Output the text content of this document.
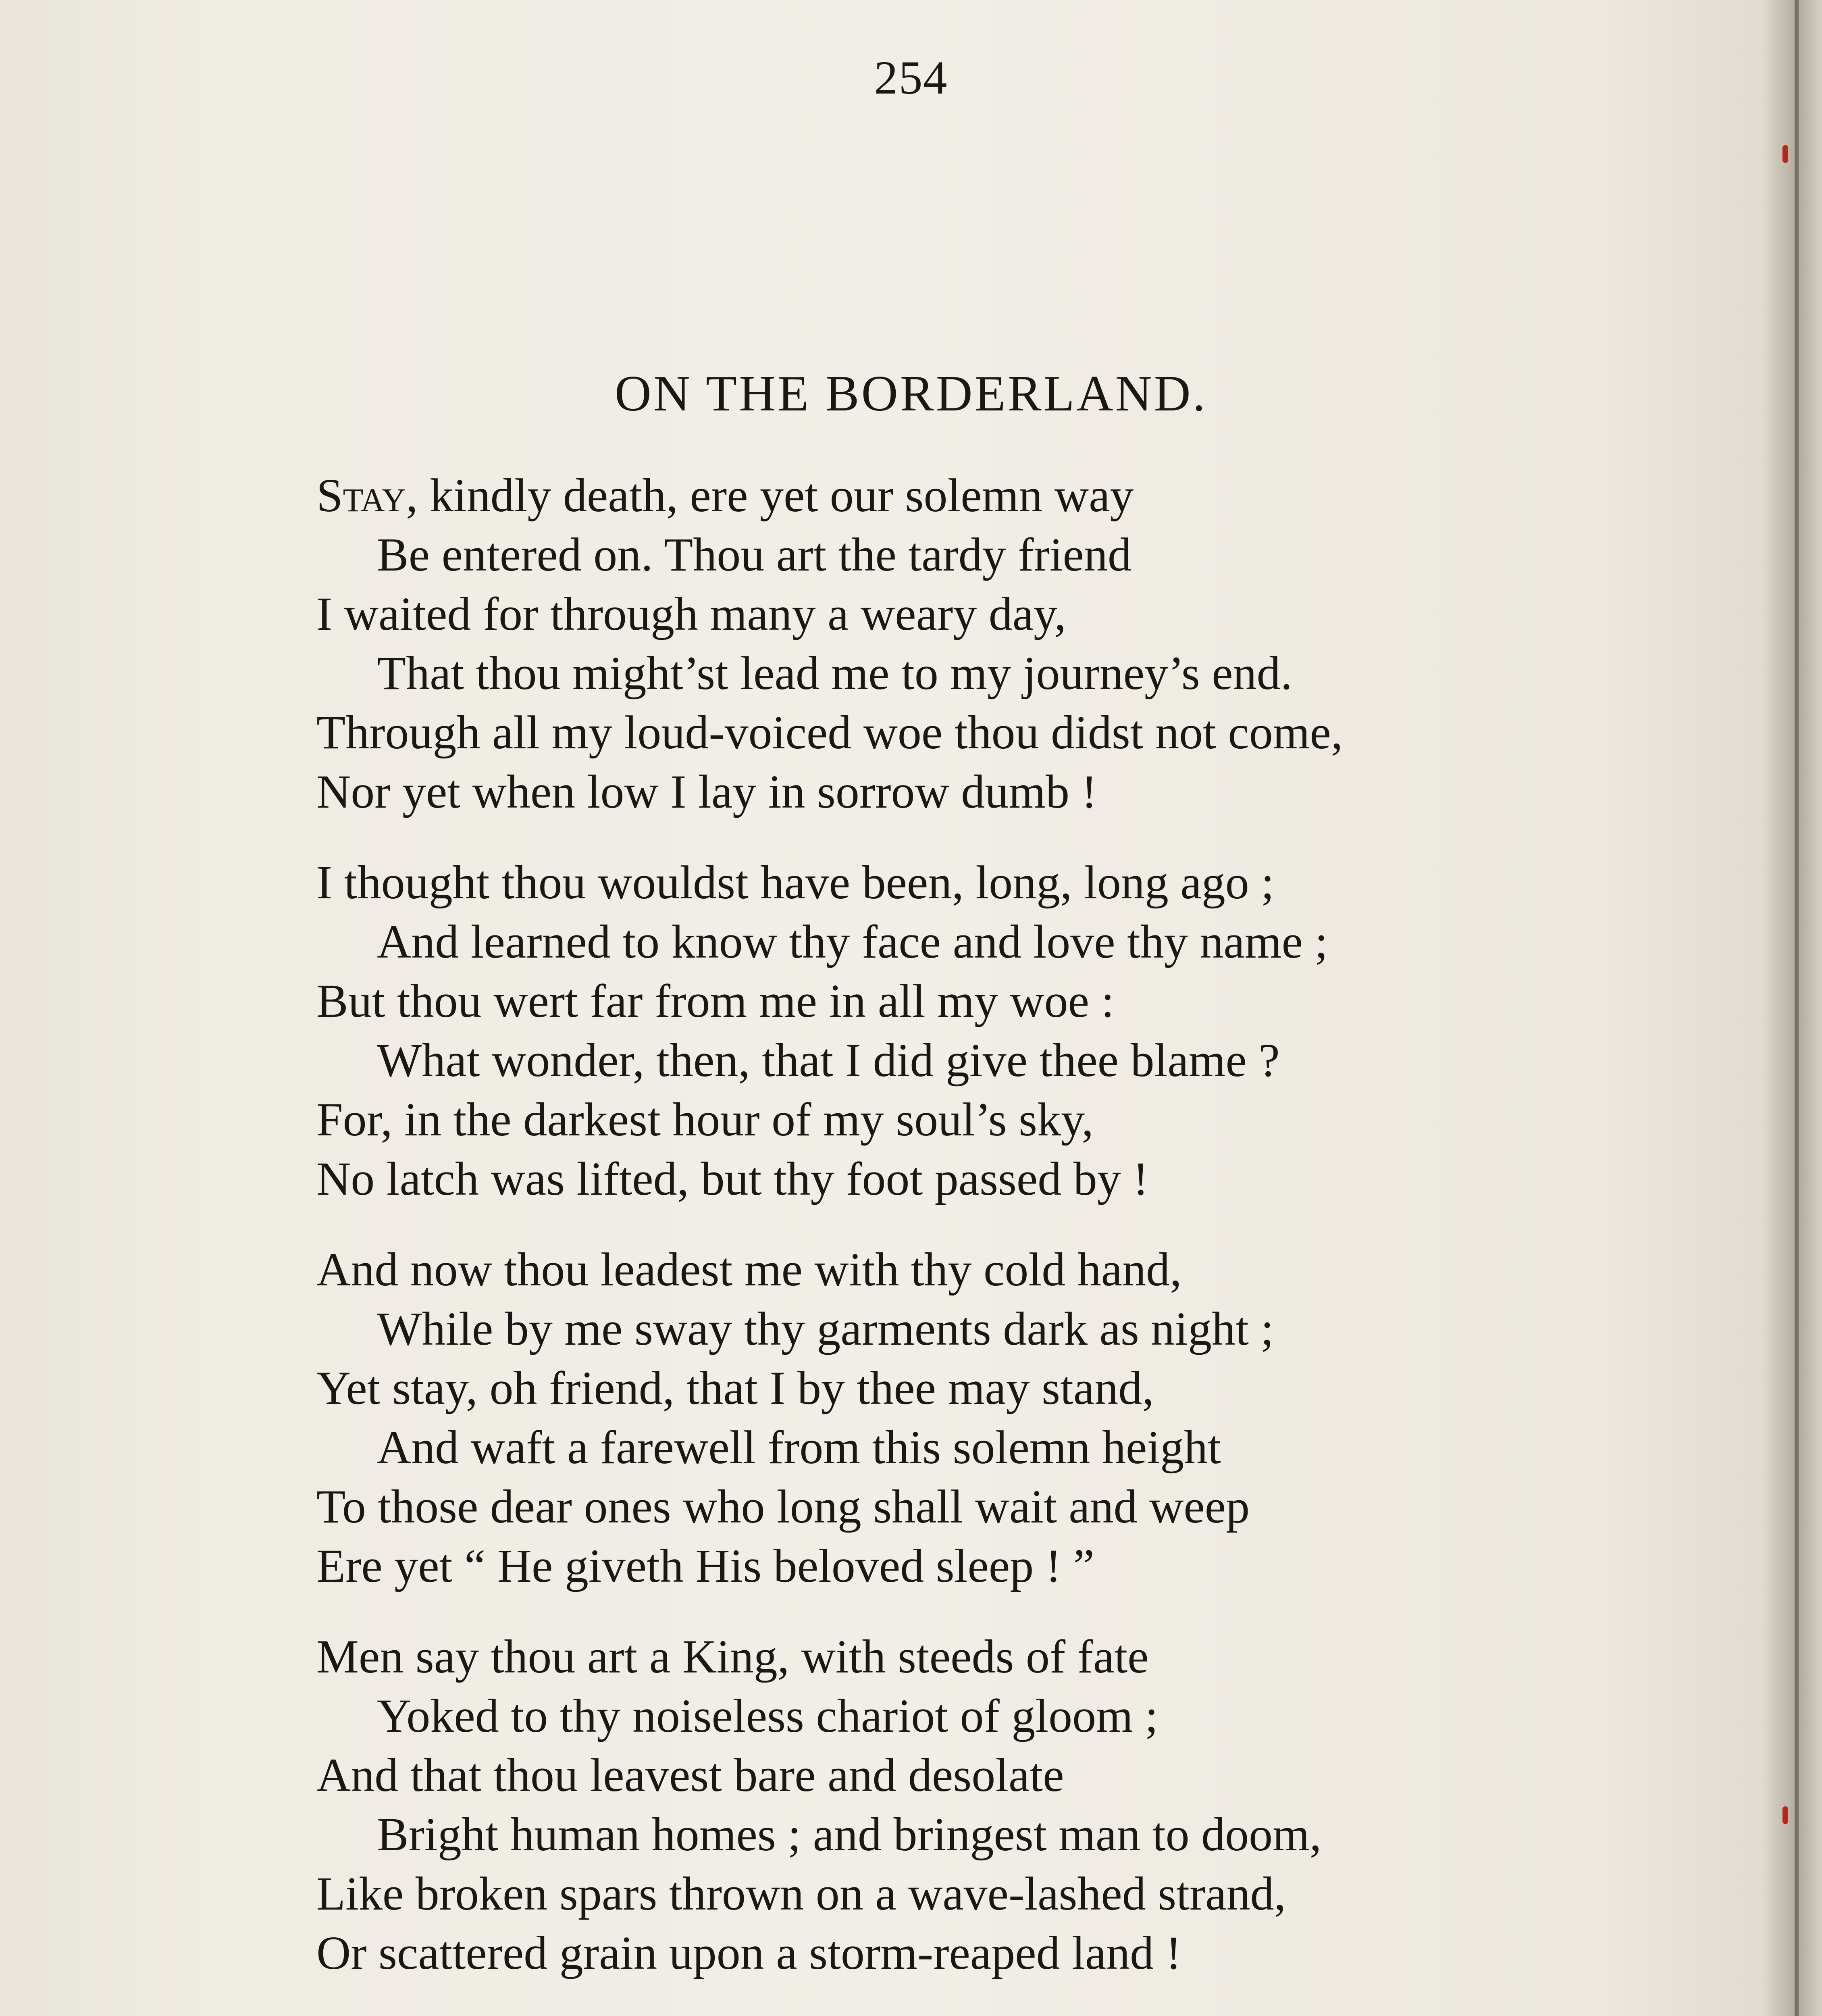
254
ON THE BORDERLAND.
Stay, kindly death, ere yet our solemn way
Be entered on. Thou art the tardy friend
I waited for through many a weary day,
That thou might’st lead me to my journey’s end.
Through all my loud-voiced woe thou didst not come,
Nor yet when low I lay in sorrow dumb !
I thought thou wouldst have been, long, long ago ;
And learned to know thy face and love thy name ;
But thou wert far from me in all my woe :
What wonder, then, that I did give thee blame ?
For, in the darkest hour of my soul’s sky,
No latch was lifted, but thy foot passed by !
And now thou leadest me with thy cold hand,
While by me sway thy garments dark as night ;
Yet stay, oh friend, that I by thee may stand,
And waft a farewell from this solemn height
To those dear ones who long shall wait and weep
Ere yet “ He giveth His beloved sleep ! ”
Men say thou art a King, with steeds of fate
Yoked to thy noiseless chariot of gloom ;
And that thou leavest bare and desolate
Bright human homes ; and bringest man to doom,
Like broken spars thrown on a wave-lashed strand,
Or scattered grain upon a storm-reaped land !
